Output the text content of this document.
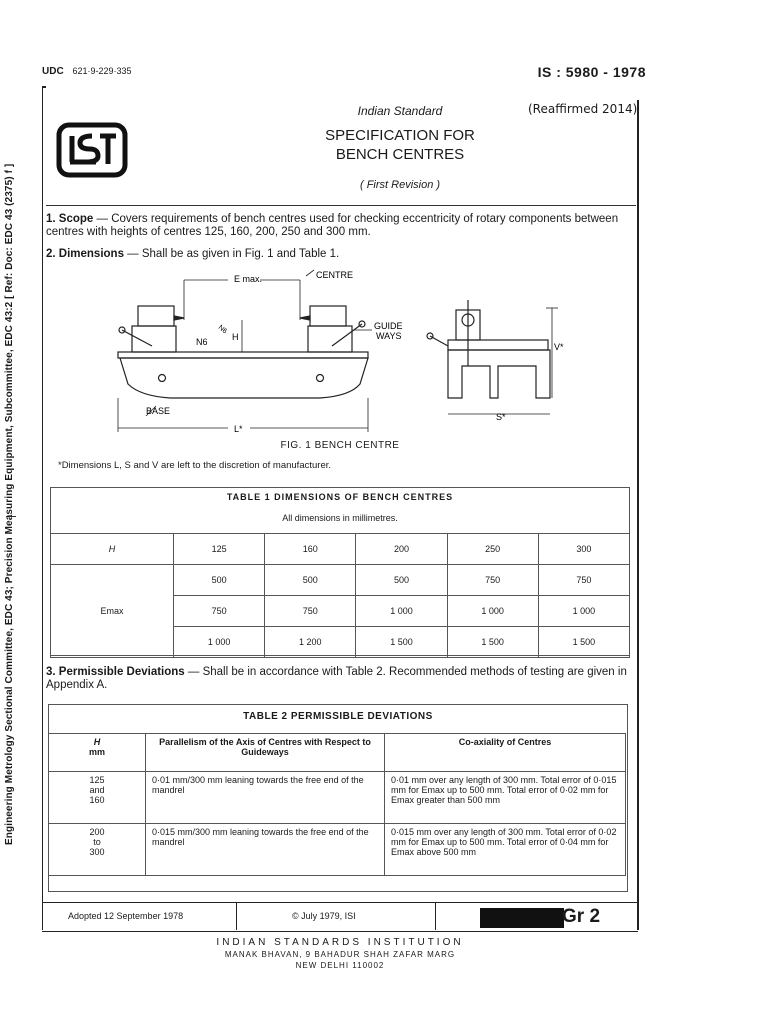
UDC 621·9-229·335	IS : 5980 - 1978
Engineering Metrology Sectional Committee, EDC 43; Precision Measuring Equipment, Subcommittee, EDC 43:2 [ Ref: Doc: EDC 43 (2375) f ]
Indian Standard	(Reaffirmed 2014)
SPECIFICATION FOR
BENCH CENTRES
( First Revision )
1. Scope — Covers requirements of bench centres used for checking eccentricity of rotary components between centres with heights of centres 125, 160, 200, 250 and 300 mm.
2. Dimensions — Shall be as given in Fig. 1 and Table 1.
E max.	CENTRE
GUIDE
WAYS
H
N6
N6
BASE
L*
V*
S*
FIG. 1 BENCH CENTRE
*Dimensions L, S and V are left to the discretion of manufacturer.
TABLE 1 DIMENSIONS OF BENCH CENTRES
All dimensions in millimetres.
H	125	160	200	250	300
Emax	500	500	500	750	750
	750	750	1 000	1 000	1 000
	1 000	1 200	1 500	1 500	1 500
3. Permissible Deviations — Shall be in accordance with Table 2. Recommended methods of testing are given in Appendix A.
TABLE 2 PERMISSIBLE DEVIATIONS
H
mm	Parallelism of the Axis of Centres with Respect to Guideways	Co-axiality of Centres
125
and
160	0·01 mm/300 mm leaning towards the free end of the mandrel	0·01 mm over any length of 300 mm. Total error of 0·015 mm for Emax up to 500 mm. Total error of 0·02 mm for Emax greater than 500 mm
200
to
300	0·015 mm/300 mm leaning towards the free end of the mandrel	0·015 mm over any length of 300 mm. Total error of 0·02 mm for Emax up to 500 mm. Total error of 0·04 mm for Emax above 500 mm
Adopted 12 September 1978	© July 1979, ISI	Gr 2
INDIAN STANDARDS INSTITUTION
MANAK BHAVAN, 9 BAHADUR SHAH ZAFAR MARG
NEW DELHI 110002
